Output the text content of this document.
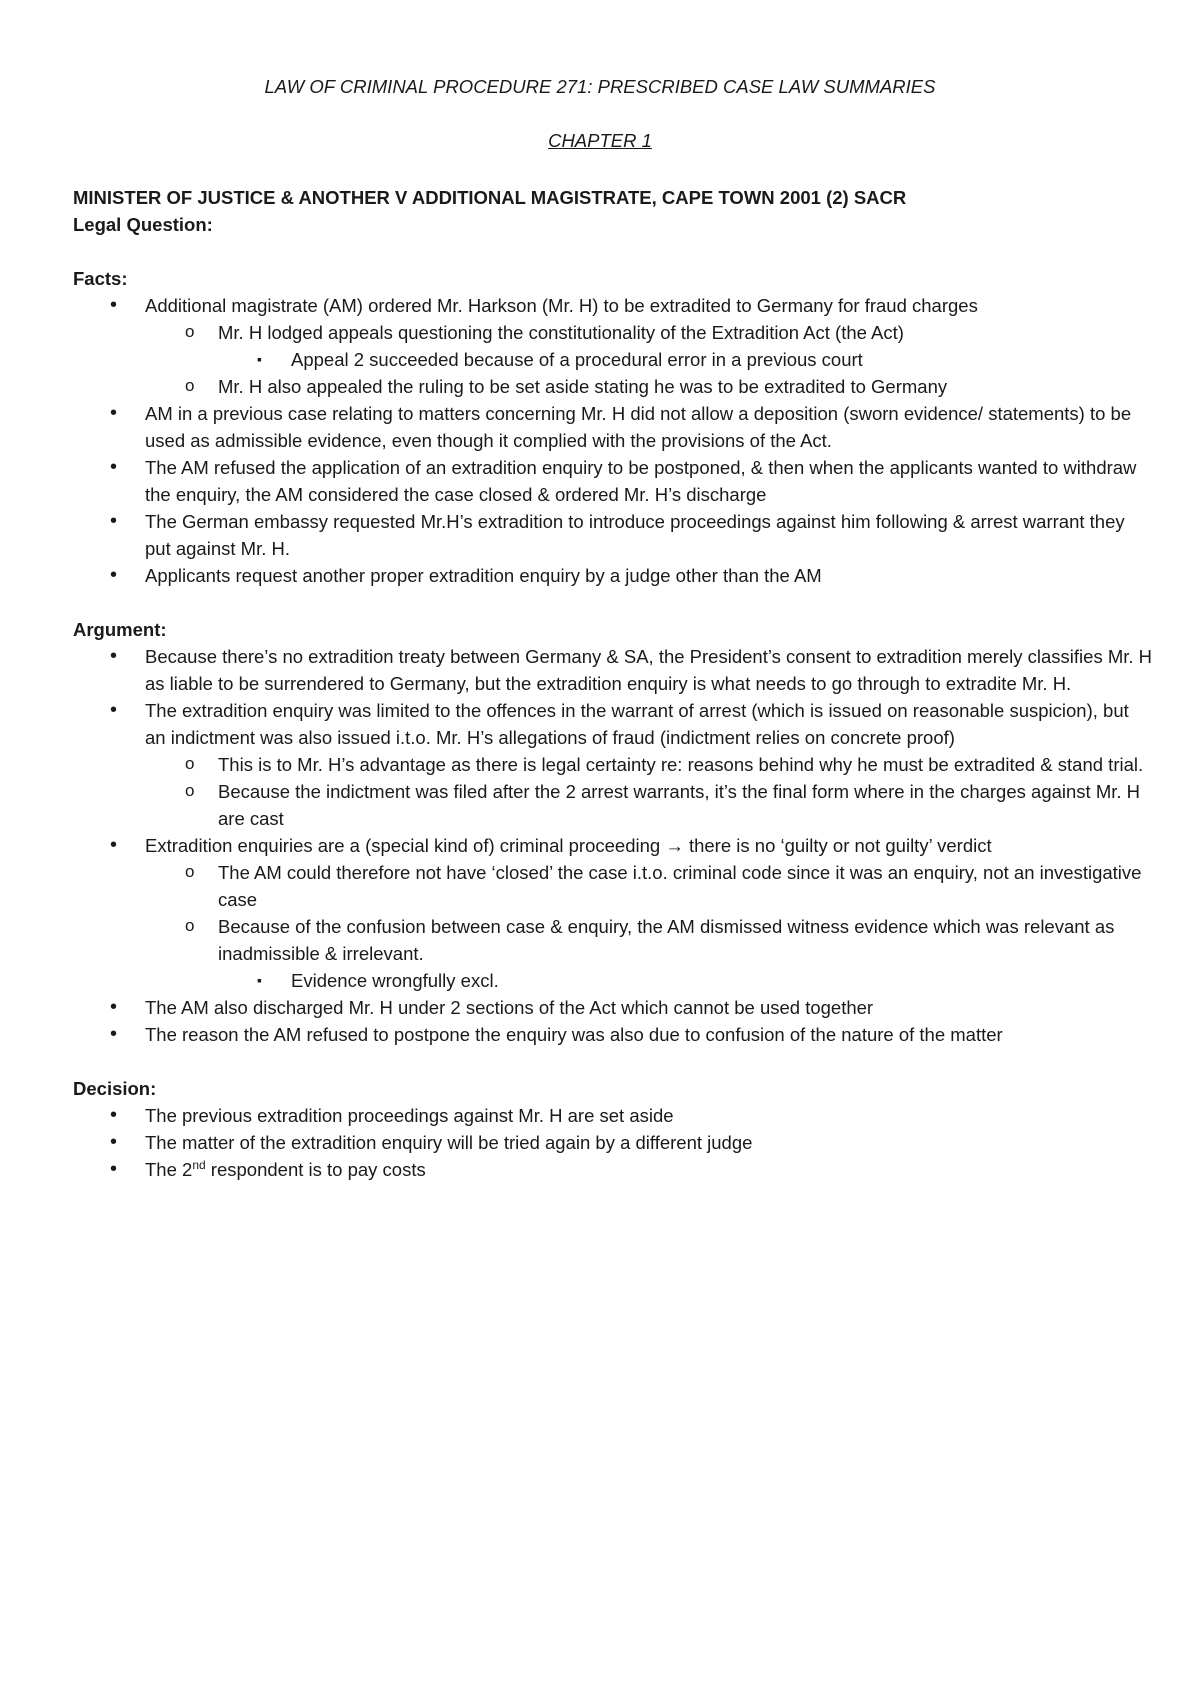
LAW OF CRIMINAL PROCEDURE 271: PRESCRIBED CASE LAW SUMMARIES
CHAPTER 1

MINISTER OF JUSTICE & ANOTHER V ADDITIONAL MAGISTRATE, CAPE TOWN 2001 (2) SACR

Legal Question:

Facts:

• Additional magistrate (AM) ordered Mr. Harkson (Mr. H) to be extradited to Germany for fraud charges
o Mr. H lodged appeals questioning the constitutionality of the Extradition Act (the Act)
▪ Appeal 2 succeeded because of a procedural error in a previous court
o Mr. H also appealed the ruling to be set aside stating he was to be extradited to Germany
• AM in a previous case relating to matters concerning Mr. H did not allow a deposition (sworn evidence/ statements) to be used as admissible evidence, even though it complied with the provisions of the Act.
• The AM refused the application of an extradition enquiry to be postponed, & then when the applicants wanted to withdraw the enquiry, the AM considered the case closed & ordered Mr. H’s discharge
• The German embassy requested Mr.H’s extradition to introduce proceedings against him following & arrest warrant they put against Mr. H.
• Applicants request another proper extradition enquiry by a judge other than the AM

Argument:

• Because there’s no extradition treaty between Germany & SA, the President’s consent to extradition merely classifies Mr. H as liable to be surrendered to Germany, but the extradition enquiry is what needs to go through to extradite Mr. H.
• The extradition enquiry was limited to the offences in the warrant of arrest (which is issued on reasonable suspicion), but an indictment was also issued i.t.o. Mr. H’s allegations of fraud (indictment relies on concrete proof)
o This is to Mr. H’s advantage as there is legal certainty re: reasons behind why he must be extradited & stand trial.
o Because the indictment was filed after the 2 arrest warrants, it’s the final form where in the charges against Mr. H are cast
• Extradition enquiries are a (special kind of) criminal proceeding → there is no ‘guilty or not guilty’ verdict
o The AM could therefore not have ‘closed’ the case i.t.o. criminal code since it was an enquiry, not an investigative case
o Because of the confusion between case & enquiry, the AM dismissed witness evidence which was relevant as inadmissible & irrelevant.
▪ Evidence wrongfully excl.
• The AM also discharged Mr. H under 2 sections of the Act which cannot be used together
• The reason the AM refused to postpone the enquiry was also due to confusion of the nature of the matter

Decision:

• The previous extradition proceedings against Mr. H are set aside
• The matter of the extradition enquiry will be tried again by a different judge
• The 2nd respondent is to pay costs
